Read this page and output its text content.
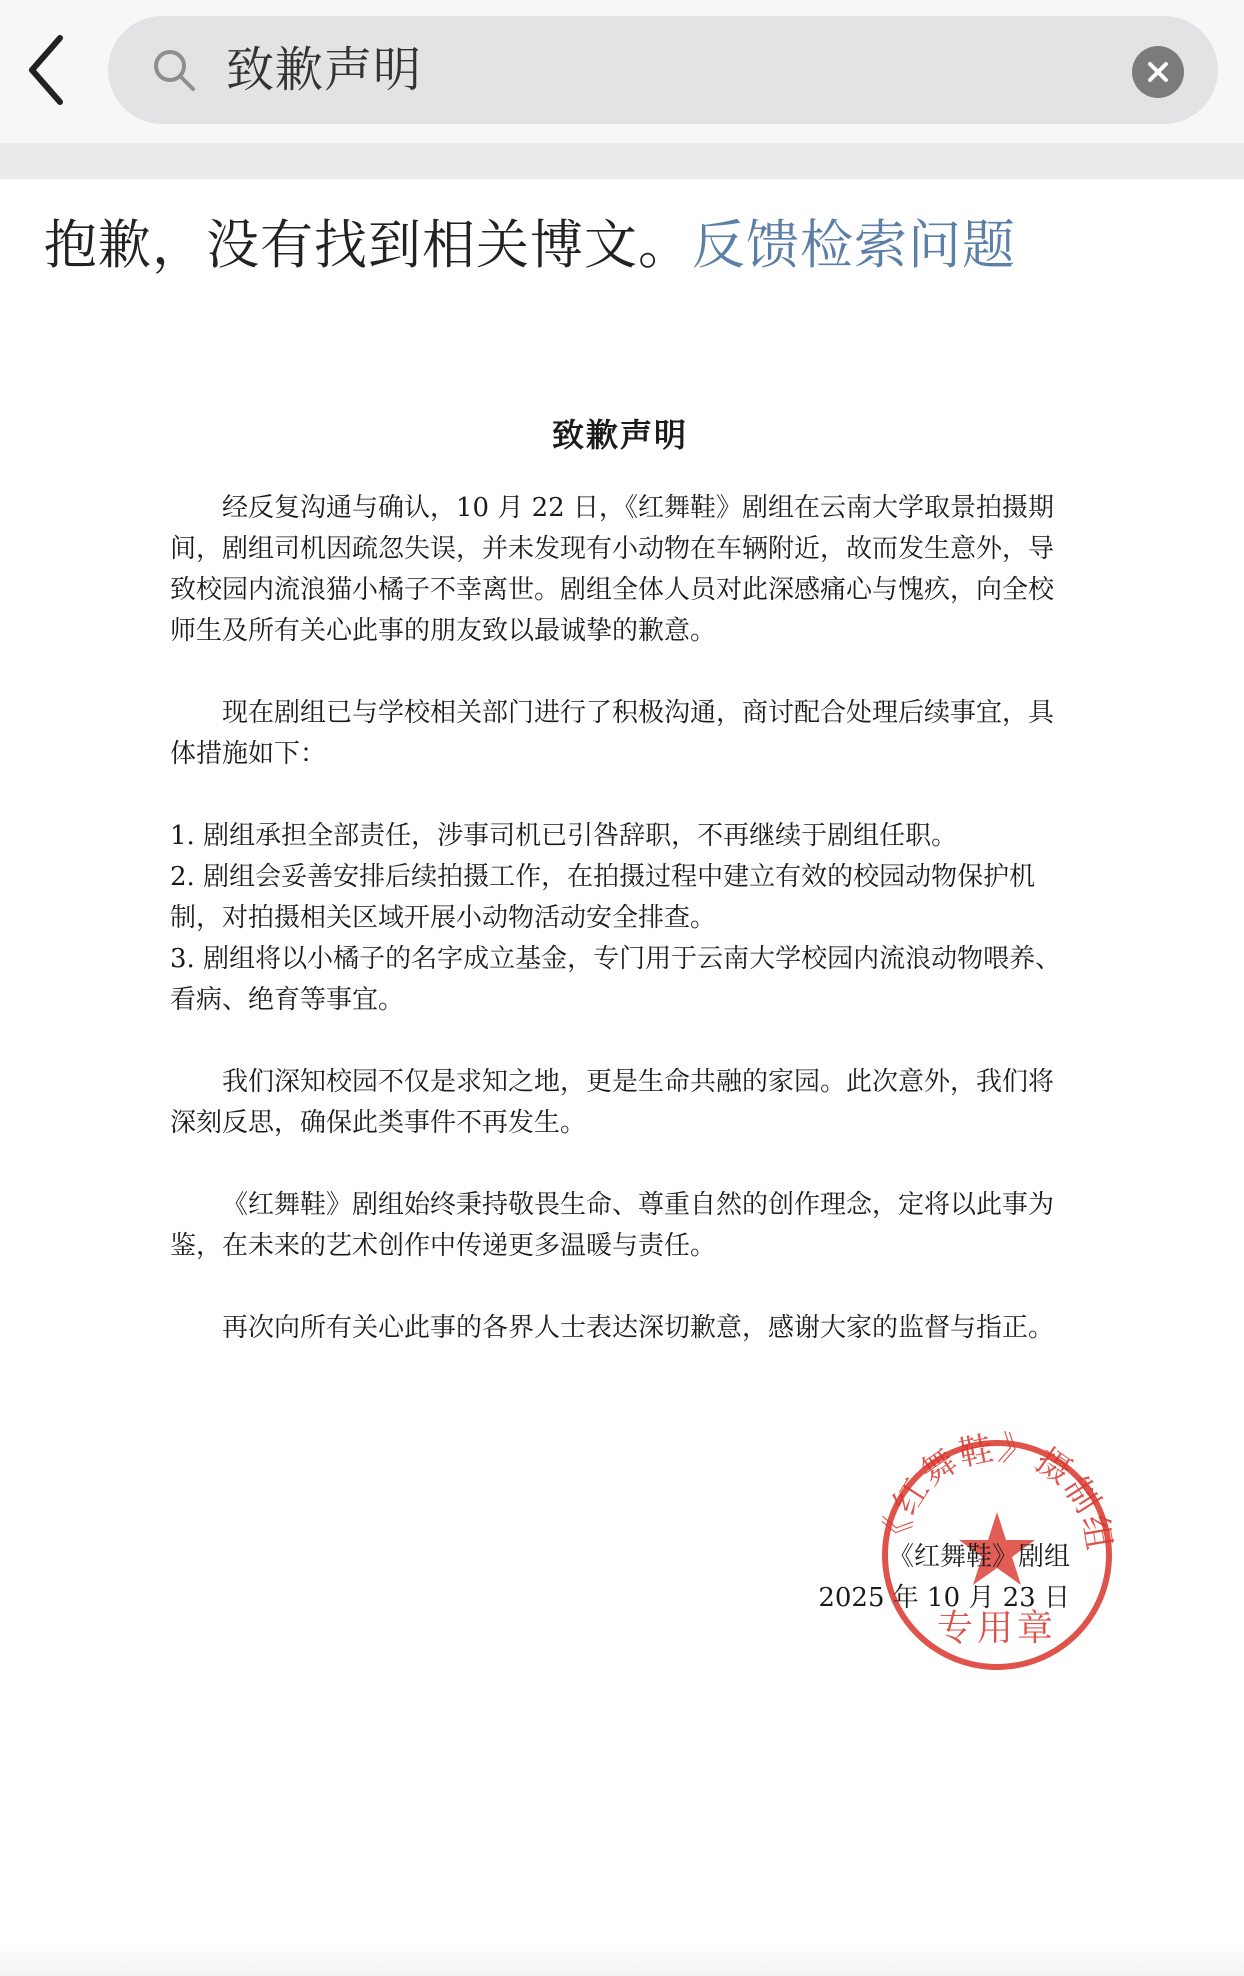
致歉声明
抱歉，没有找到相关博文。反馈检索问题
致歉声明

经反复沟通与确认，10 月 22 日，《红舞鞋》剧组在云南大学取景拍摄期间，剧组司机因疏忽失误，并未发现有小动物在车辆附近，故而发生意外，导致校园内流浪猫小橘子不幸离世。剧组全体人员对此深感痛心与愧疚，向全校师生及所有关心此事的朋友致以最诚挚的歉意。

现在剧组已与学校相关部门进行了积极沟通，商讨配合处理后续事宜，具体措施如下：

1. 剧组承担全部责任，涉事司机已引咎辞职，不再继续于剧组任职。

2. 剧组会妥善安排后续拍摄工作，在拍摄过程中建立有效的校园动物保护机制，对拍摄相关区域开展小动物活动安全排查。

3. 剧组将以小橘子的名字成立基金，专门用于云南大学校园内流浪动物喂养、看病、绝育等事宜。

我们深知校园不仅是求知之地，更是生命共融的家园。此次意外，我们将深刻反思，确保此类事件不再发生。

《红舞鞋》剧组始终秉持敬畏生命、尊重自然的创作理念，定将以此事为鉴，在未来的艺术创作中传递更多温暖与责任。

再次向所有关心此事的各界人士表达深切歉意，感谢大家的监督与指正。

《红舞鞋》摄制组
专用章
《红舞鞋》剧组
2025 年 10 月 23 日
